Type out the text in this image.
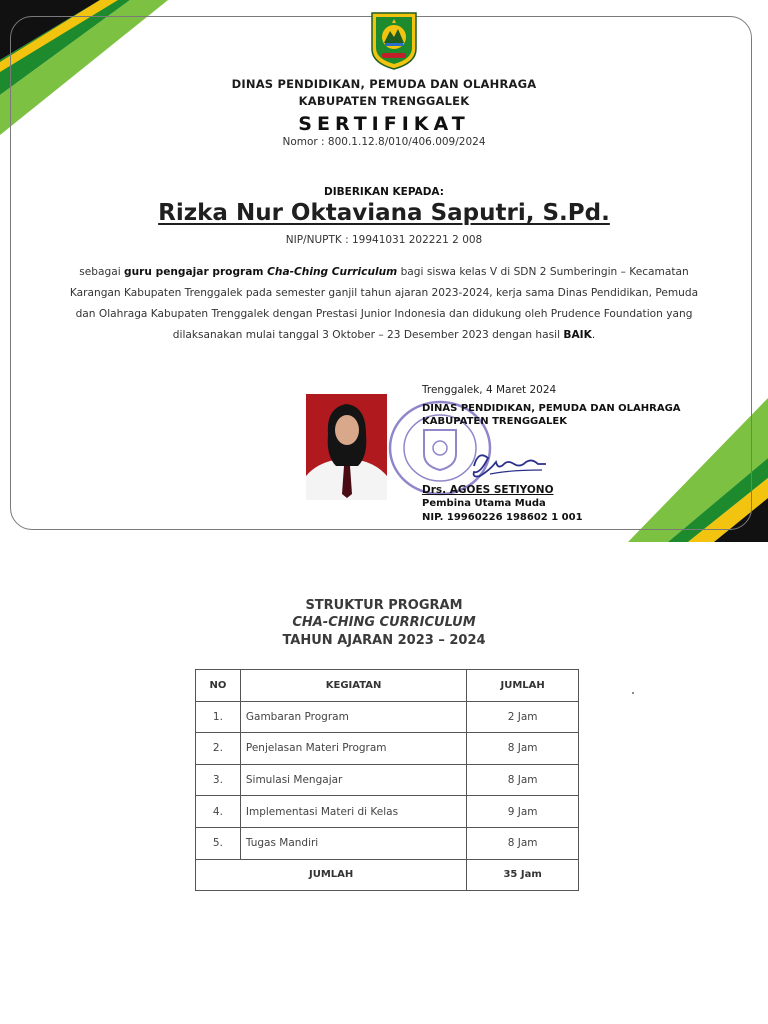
DINAS PENDIDIKAN, PEMUDA DAN OLAHRAGA
KABUPATEN TRENGGALEK
SERTIFIKAT
Nomor : 800.1.12.8/010/406.009/2024
DIBERIKAN KEPADA:
Rizka Nur Oktaviana Saputri, S.Pd.
NIP/NUPTK : 19941031 202221 2 008
sebagai guru pengajar program Cha-Ching Curriculum bagi siswa kelas V di SDN 2 Sumberingin – Kecamatan Karangan Kabupaten Trenggalek pada semester ganjil tahun ajaran 2023-2024, kerja sama Dinas Pendidikan, Pemuda dan Olahraga Kabupaten Trenggalek dengan Prestasi Junior Indonesia dan didukung oleh Prudence Foundation yang dilaksanakan mulai tanggal 3 Oktober – 23 Desember 2023 dengan hasil BAIK.
Trenggalek, 4 Maret 2024
DINAS PENDIDIKAN, PEMUDA DAN OLAHRAGA
KABUPATEN TRENGGALEK
Drs. AGOES SETIYONO
Pembina Utama Muda
NIP. 19960226 198602 1 001
STRUKTUR PROGRAM
CHA-CHING CURRICULUM
TAHUN AJARAN 2023 – 2024
NO	KEGIATAN	JUMLAH
1.	Gambaran Program	2 Jam
2.	Penjelasan Materi Program	8 Jam
3.	Simulasi Mengajar	8 Jam
4.	Implementasi Materi di Kelas	9 Jam
5.	Tugas Mandiri	8 Jam
JUMLAH		35 Jam
